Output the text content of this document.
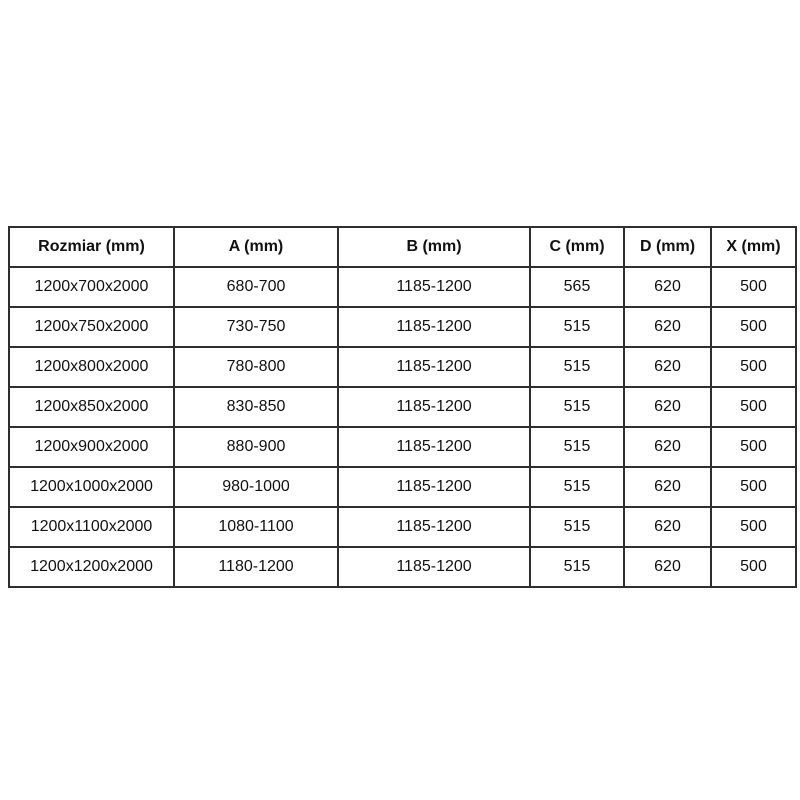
Rozmiar (mm)	A (mm)	B (mm)	C (mm)	D (mm)	X (mm)
1200x700x2000	680-700	1185-1200	565	620	500
1200x750x2000	730-750	1185-1200	515	620	500
1200x800x2000	780-800	1185-1200	515	620	500
1200x850x2000	830-850	1185-1200	515	620	500
1200x900x2000	880-900	1185-1200	515	620	500
1200x1000x2000	980-1000	1185-1200	515	620	500
1200x1100x2000	1080-1100	1185-1200	515	620	500
1200x1200x2000	1180-1200	1185-1200	515	620	500
